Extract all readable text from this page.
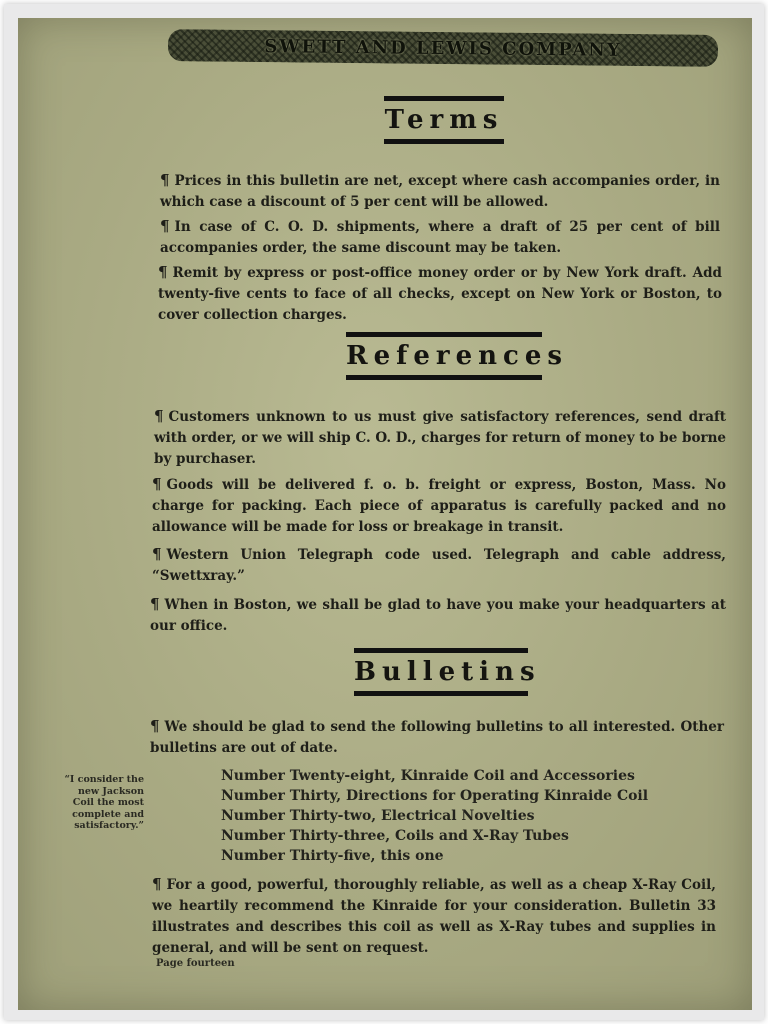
SWETT AND LEWIS COMPANY
Terms
¶ Prices in this bulletin are net, except where cash accompanies order, in which case a discount of 5 per cent will be allowed.
¶ In case of C. O. D. shipments, where a draft of 25 per cent of bill accompanies order, the same discount may be taken.
¶ Remit by express or post-office money order or by New York draft. Add twenty-five cents to face of all checks, except on New York or Boston, to cover collection charges.
References
¶ Customers unknown to us must give satisfactory references, send draft with order, or we will ship C. O. D., charges for return of money to be borne by purchaser.
¶ Goods will be delivered f. o. b. freight or express, Boston, Mass. No charge for packing. Each piece of apparatus is carefully packed and no allowance will be made for loss or breakage in transit.
¶ Western Union Telegraph code used. Telegraph and cable address, “Swettxray.”
¶ When in Boston, we shall be glad to have you make your headquarters at our office.
Bulletins
¶ We should be glad to send the following bulletins to all interested. Other bulletins are out of date.
Number Twenty-eight, Kinraide Coil and Accessories
Number Thirty, Directions for Operating Kinraide Coil
Number Thirty-two, Electrical Novelties
Number Thirty-three, Coils and X-Ray Tubes
Number Thirty-five, this one
“I consider the new Jackson Coil the most complete and satisfactory.”
¶ For a good, powerful, thoroughly reliable, as well as a cheap X-Ray Coil, we heartily recommend the Kinraide for your consideration. Bulletin 33 illustrates and describes this coil as well as X-Ray tubes and supplies in general, and will be sent on request.
Page fourteen
